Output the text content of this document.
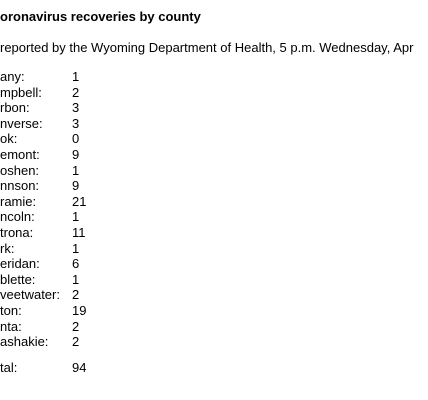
oronavirus recoveries by county
reported by the Wyoming Department of Health, 5 p.m. Wednesday, Apr
any:	1
mpbell: 2
rbon:	3
nverse: 3
ok:	0
emont: 9
oshen:	1
nnson:	9
ramie:	21
ncoln:	1
trona:	11
rk:	1
eridan: 6
blette:	1
veetwater: 2
ton:	19
nta:	2
ashakie: 2
tal:	94
